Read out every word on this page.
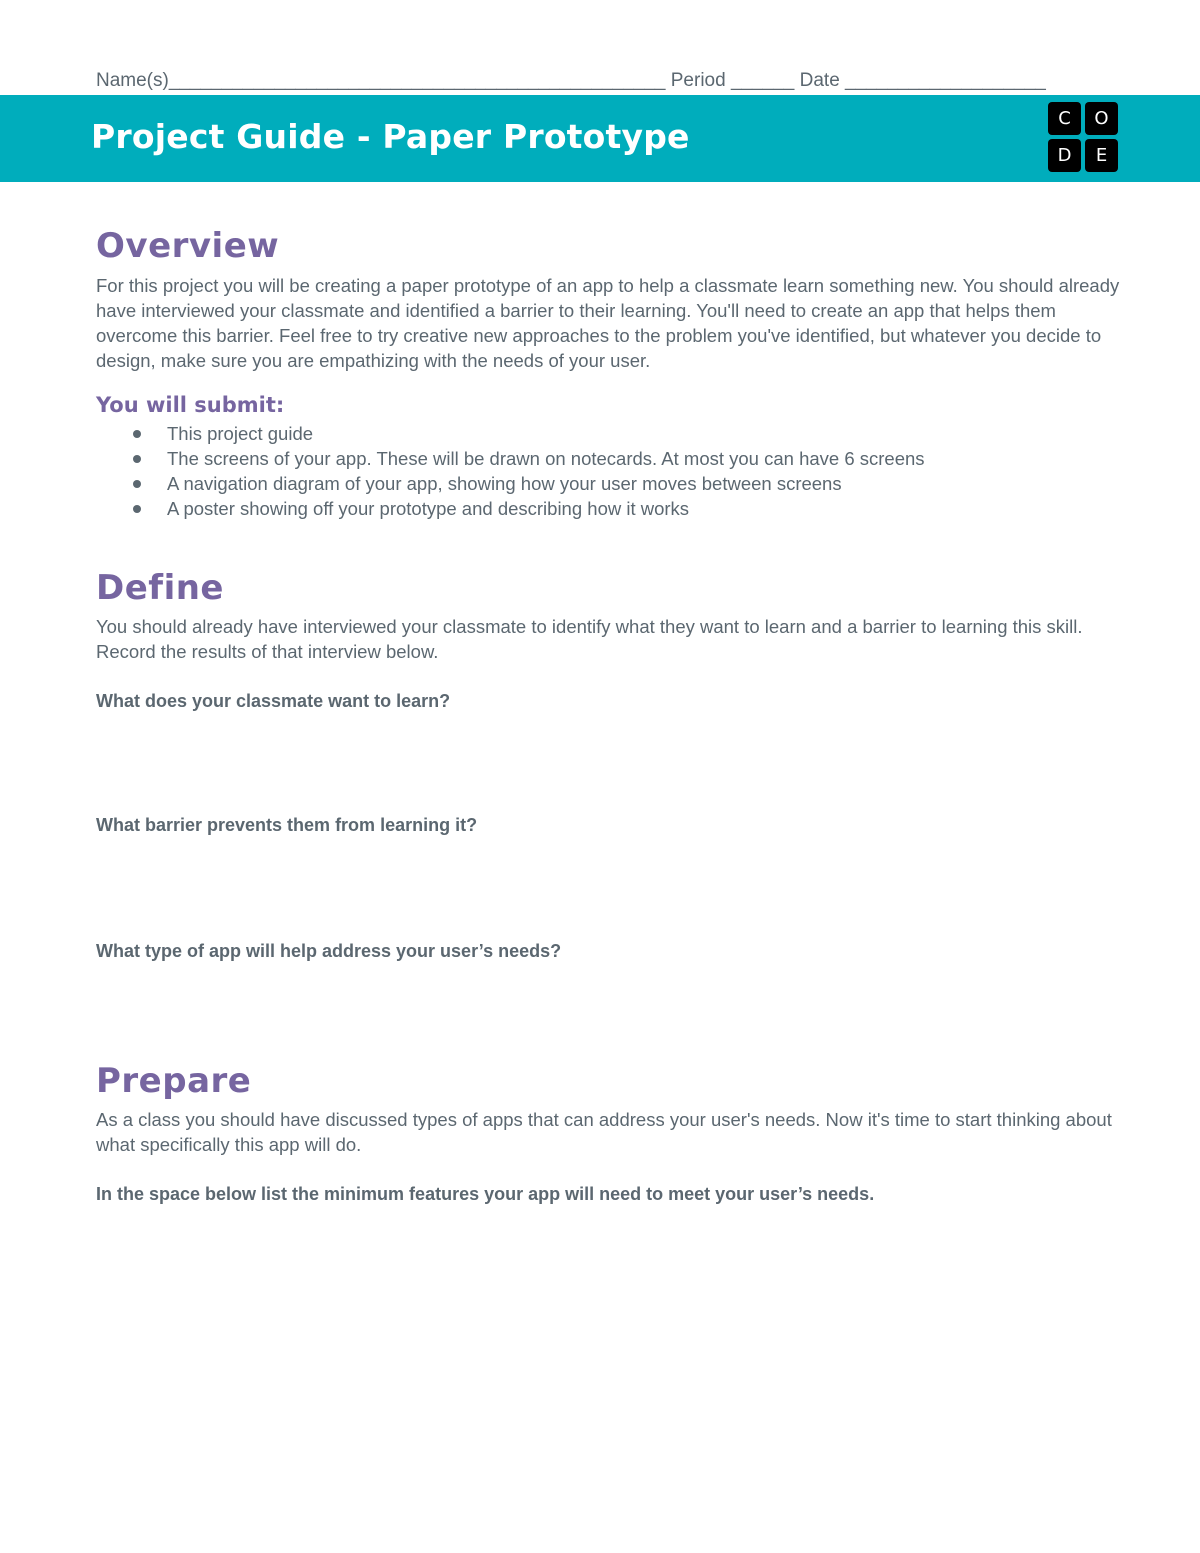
Name(s)_______________________________________________ Period ______ Date ___________________
Project Guide - Paper Prototype	C	O
D	E
Overview
For this project you will be creating a paper prototype of an app to help a classmate learn something new. You should already have interviewed your classmate and identified a barrier to their learning. You'll need to create an app that helps them overcome this barrier. Feel free to try creative new approaches to the problem you've identified, but whatever you decide to design, make sure you are empathizing with the needs of your user.
You will submit:
This project guide
The screens of your app. These will be drawn on notecards. At most you can have 6 screens
A navigation diagram of your app, showing how your user moves between screens
A poster showing off your prototype and describing how it works
Define
You should already have interviewed your classmate to identify what they want to learn and a barrier to learning this skill. Record the results of that interview below.
What does your classmate want to learn?
What barrier prevents them from learning it?
What type of app will help address your user’s needs?
Prepare
As a class you should have discussed types of apps that can address your user's needs. Now it's time to start thinking about what specifically this app will do.
In the space below list the minimum features your app will need to meet your user’s needs.
